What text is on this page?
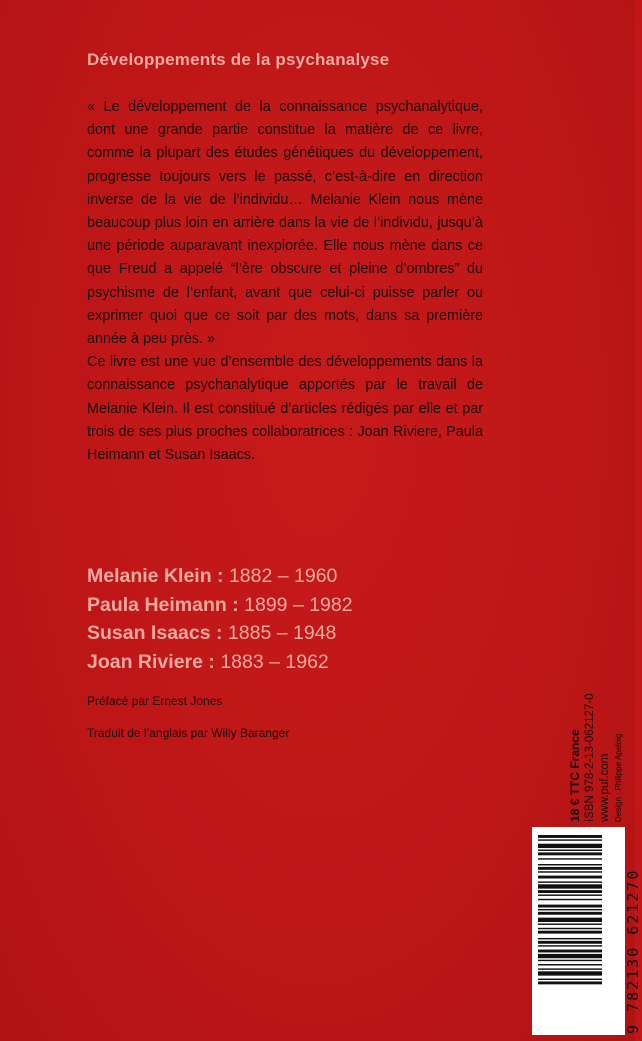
Développements de la psychanalyse

« Le développement de la connaissance psychanalytique, dont une grande partie constitue la matière de ce livre, comme la plupart des études génétiques du développement, progresse toujours vers le passé, c’est-à-dire en direction inverse de la vie de l’individu… Melanie Klein nous mène beaucoup plus loin en arrière dans la vie de l’individu, jusqu’à une période auparavant inexplorée. Elle nous mène dans ce que Freud a appelé “l’ère obscure et pleine d’ombres” du psychisme de l’enfant, avant que celui-ci puisse parler ou exprimer quoi que ce soit par des mots, dans sa première année à peu près. »

Ce livre est une vue d’ensemble des développements dans la connaissance psychanalytique apportés par le travail de Melanie Klein. Il est constitué d’articles rédigés par elle et par trois de ses plus proches collaboratrices : Joan Riviere, Paula Heimann et Susan Isaacs.

Melanie Klein : 1882 – 1960
Paula Heimann : 1899 – 1982
Susan Isaacs : 1885 – 1948
Joan Riviere : 1883 – 1962
Préfacé par Ernest Jones
Traduit de l’anglais par Willy Baranger	18 € TTC France ISBN 978-2-13-062127-0 www.puf.com Design : Philippe Apeloig
9 782130 621270
